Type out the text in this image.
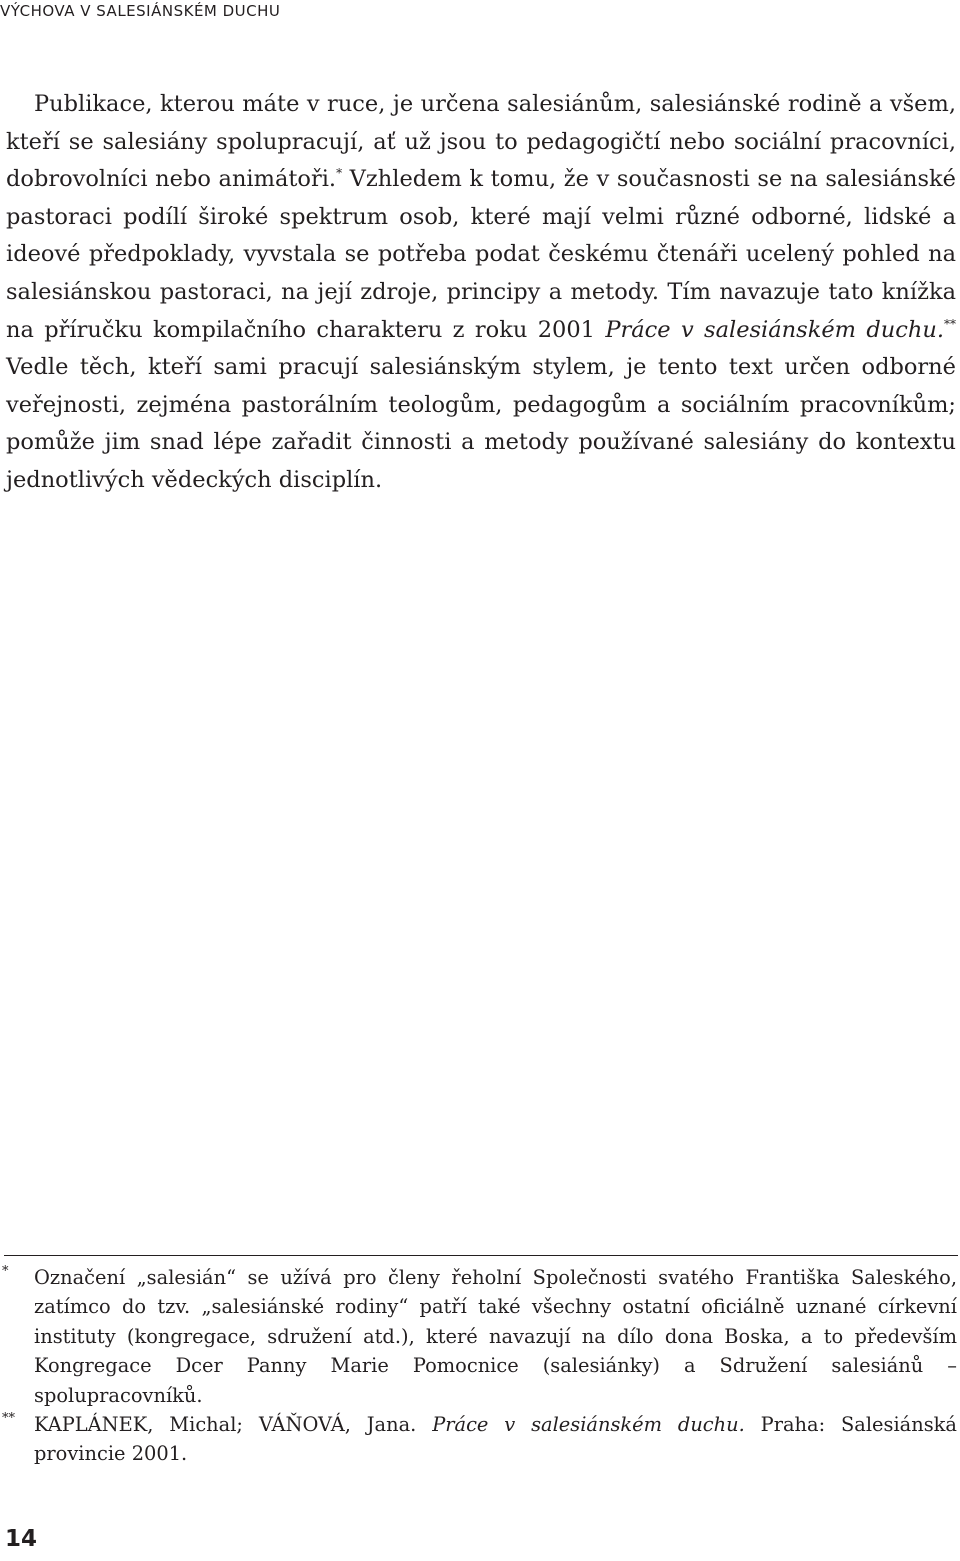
VÝCHOVA V SALESIÁNSKÉM DUCHU

Publikace, kterou máte v ruce, je určena salesiánům, salesiánské rodině a všem, kteří se salesiány spolupracují, ať už jsou to pedagogičtí nebo sociální pracovníci, dobrovolníci nebo animátoři.* Vzhledem k tomu, že v současnosti se na salesiánské pastoraci podílí široké spektrum osob, které mají velmi různé odborné, lidské a ideové předpoklady, vyvstala se potřeba podat českému čtenáři ucelený pohled na salesiánskou pastoraci, na její zdroje, principy a metody. Tím navazuje tato knížka na příručku kompilačního charakteru z roku 2001 Práce v salesiánském duchu.** Vedle těch, kteří sami pracují salesiánským stylem, je tento text určen odborné veřejnosti, zejména pastorálním teologům, pedagogům a sociálním pracovníkům; pomůže jim snad lépe zařadit činnosti a metody používané salesiány do kontextu jednotlivých vědeckých disciplín.

* Označení „salesián“ se užívá pro členy řeholní Společnosti svatého Františka Saleského, zatímco do tzv. „salesiánské rodiny“ patří také všechny ostatní oficiálně uznané církevní instituty (kongregace, sdružení atd.), které navazují na dílo dona Boska, a to především Kongregace Dcer Panny Marie Pomocnice (salesiánky) a Sdružení salesiánů – spolupracovníků.
** KAPLÁNEK, Michal; VÁŇOVÁ, Jana. Práce v salesiánském duchu. Praha: Salesiánská provincie 2001.
14
